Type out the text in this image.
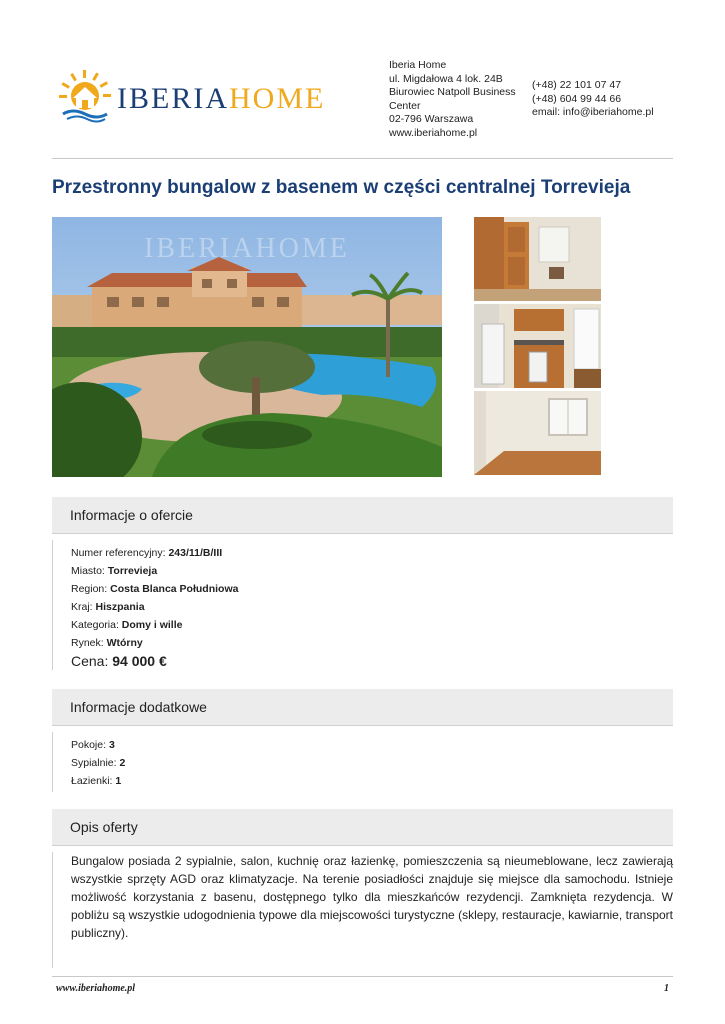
IBERIAHOME
Iberia Home
ul. Migdałowa 4 lok. 24B
Biurowiec Natpoll Business Center
02-796 Warszawa
www.iberiahome.pl
(+48) 22 101 07 47
(+48) 604 99 44 66
email: info@iberiahome.pl
Przestronny bungalow z basenem w części centralnej Torrevieja
IBERIAHOME
Informacje o ofercie
Numer referencyjny: 243/11/B/III
Miasto: Torrevieja
Region: Costa Blanca Południowa
Kraj: Hiszpania
Kategoria: Domy i wille
Rynek: Wtórny
Cena: 94 000 €
Informacje dodatkowe
Pokoje: 3
Sypialnie: 2
Łazienki: 1
Opis oferty
Bungalow posiada 2 sypialnie, salon, kuchnię oraz łazienkę, pomieszczenia są nieumeblowane, lecz zawierają wszystkie sprzęty AGD oraz klimatyzacje. Na terenie posiadłości znajduje się miejsce dla samochodu. Istnieje możliwość korzystania z basenu, dostępnego tylko dla mieszkańców rezydencji. Zamknięta rezydencja. W pobliżu są wszystkie udogodnienia typowe dla miejscowości turystyczne (sklepy, restauracje, kawiarnie, transport publiczny).
www.iberiahome.pl	1
